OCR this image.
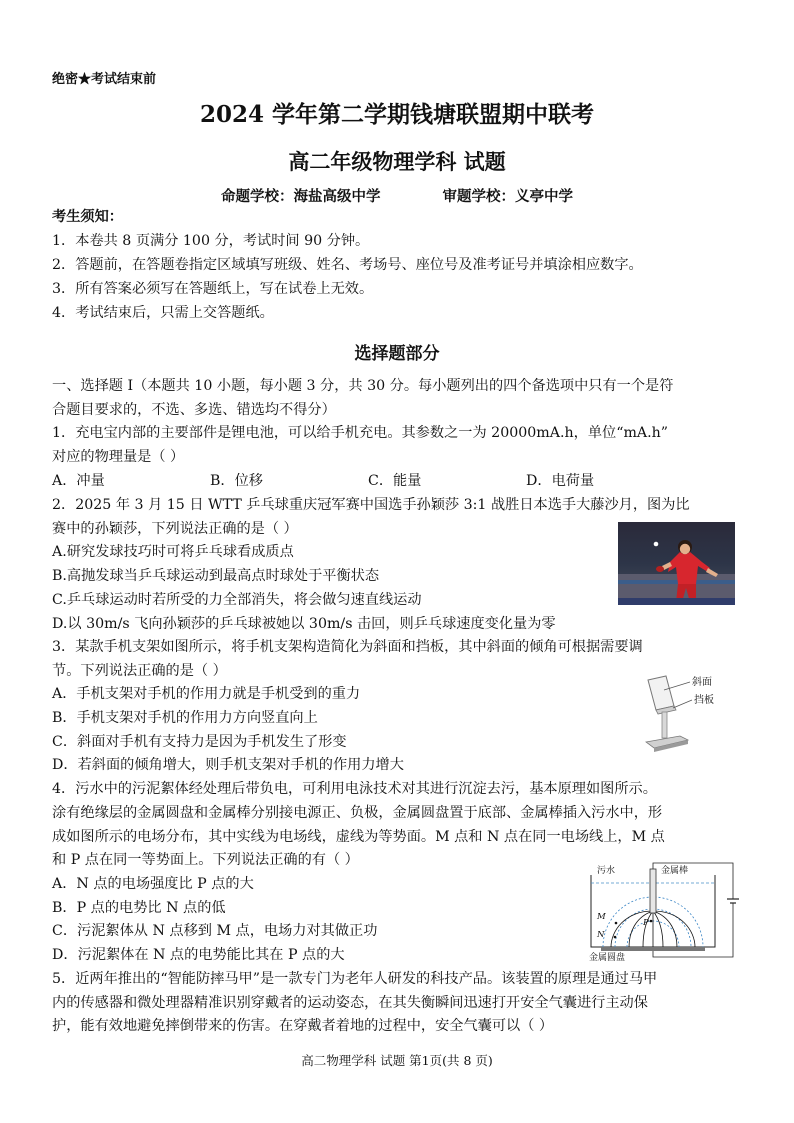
绝密★考试结束前
2024 学年第二学期钱塘联盟期中联考
高二年级物理学科 试题
命题学校：海盐高级中学	审题学校：义亭中学
考生须知：
1．本卷共 8 页满分 100 分，考试时间 90 分钟。
2．答题前，在答题卷指定区域填写班级、姓名、考场号、座位号及准考证号并填涂相应数字。
3．所有答案必须写在答题纸上，写在试卷上无效。
4．考试结束后，只需上交答题纸。
选择题部分
一、选择题 I（本题共 10 小题，每小题 3 分，共 30 分。每小题列出的四个备选项中只有一个是符
合题目要求的，不选、多选、错选均不得分）
1．充电宝内部的主要部件是锂电池，可以给手机充电。其参数之一为 20000mA.h，单位“mA.h”
对应的物理量是（ ）
A．冲量	B．位移	C．能量	D．电荷量
2．2025 年 3 月 15 日 WTT 乒乓球重庆冠军赛中国选手孙颖莎 3:1 战胜日本选手大藤沙月，图为比
赛中的孙颖莎，下列说法正确的是（ ）
A.研究发球技巧时可将乒乓球看成质点
B.高抛发球当乒乓球运动到最高点时球处于平衡状态
C.乒乓球运动时若所受的力全部消失，将会做匀速直线运动
D.以 30m/s 飞向孙颖莎的乒乓球被她以 30m/s 击回，则乒乓球速度变化量为零
3．某款手机支架如图所示，将手机支架构造简化为斜面和挡板，其中斜面的倾角可根据需要调
节。下列说法正确的是（ ）
A．手机支架对手机的作用力就是手机受到的重力
B．手机支架对手机的作用力方向竖直向上
C．斜面对手机有支持力是因为手机发生了形变
D．若斜面的倾角增大，则手机支架对手机的作用力增大
斜面
挡板
4．污水中的污泥絮体经处理后带负电，可利用电泳技术对其进行沉淀去污，基本原理如图所示。
涂有绝缘层的金属圆盘和金属棒分别接电源正、负极，金属圆盘置于底部、金属棒插入污水中，形
成如图所示的电场分布，其中实线为电场线，虚线为等势面。M 点和 N 点在同一电场线上，M 点
和 P 点在同一等势面上。下列说法正确的有（ ）
A．N 点的电场强度比 P 点的大
B．P 点的电势比 N 点的低
C．污泥絮体从 N 点移到 M 点，电场力对其做正功
D．污泥絮体在 N 点的电势能比其在 P 点的大
M
N
P
污水	金属棒
金属圆盘
5．近两年推出的“智能防摔马甲”是一款专门为老年人研发的科技产品。该装置的原理是通过马甲
内的传感器和微处理器精准识别穿戴者的运动姿态，在其失衡瞬间迅速打开安全气囊进行主动保
护，能有效地避免摔倒带来的伤害。在穿戴者着地的过程中，安全气囊可以（ ）
高二物理学科 试题 第1页(共 8 页)
